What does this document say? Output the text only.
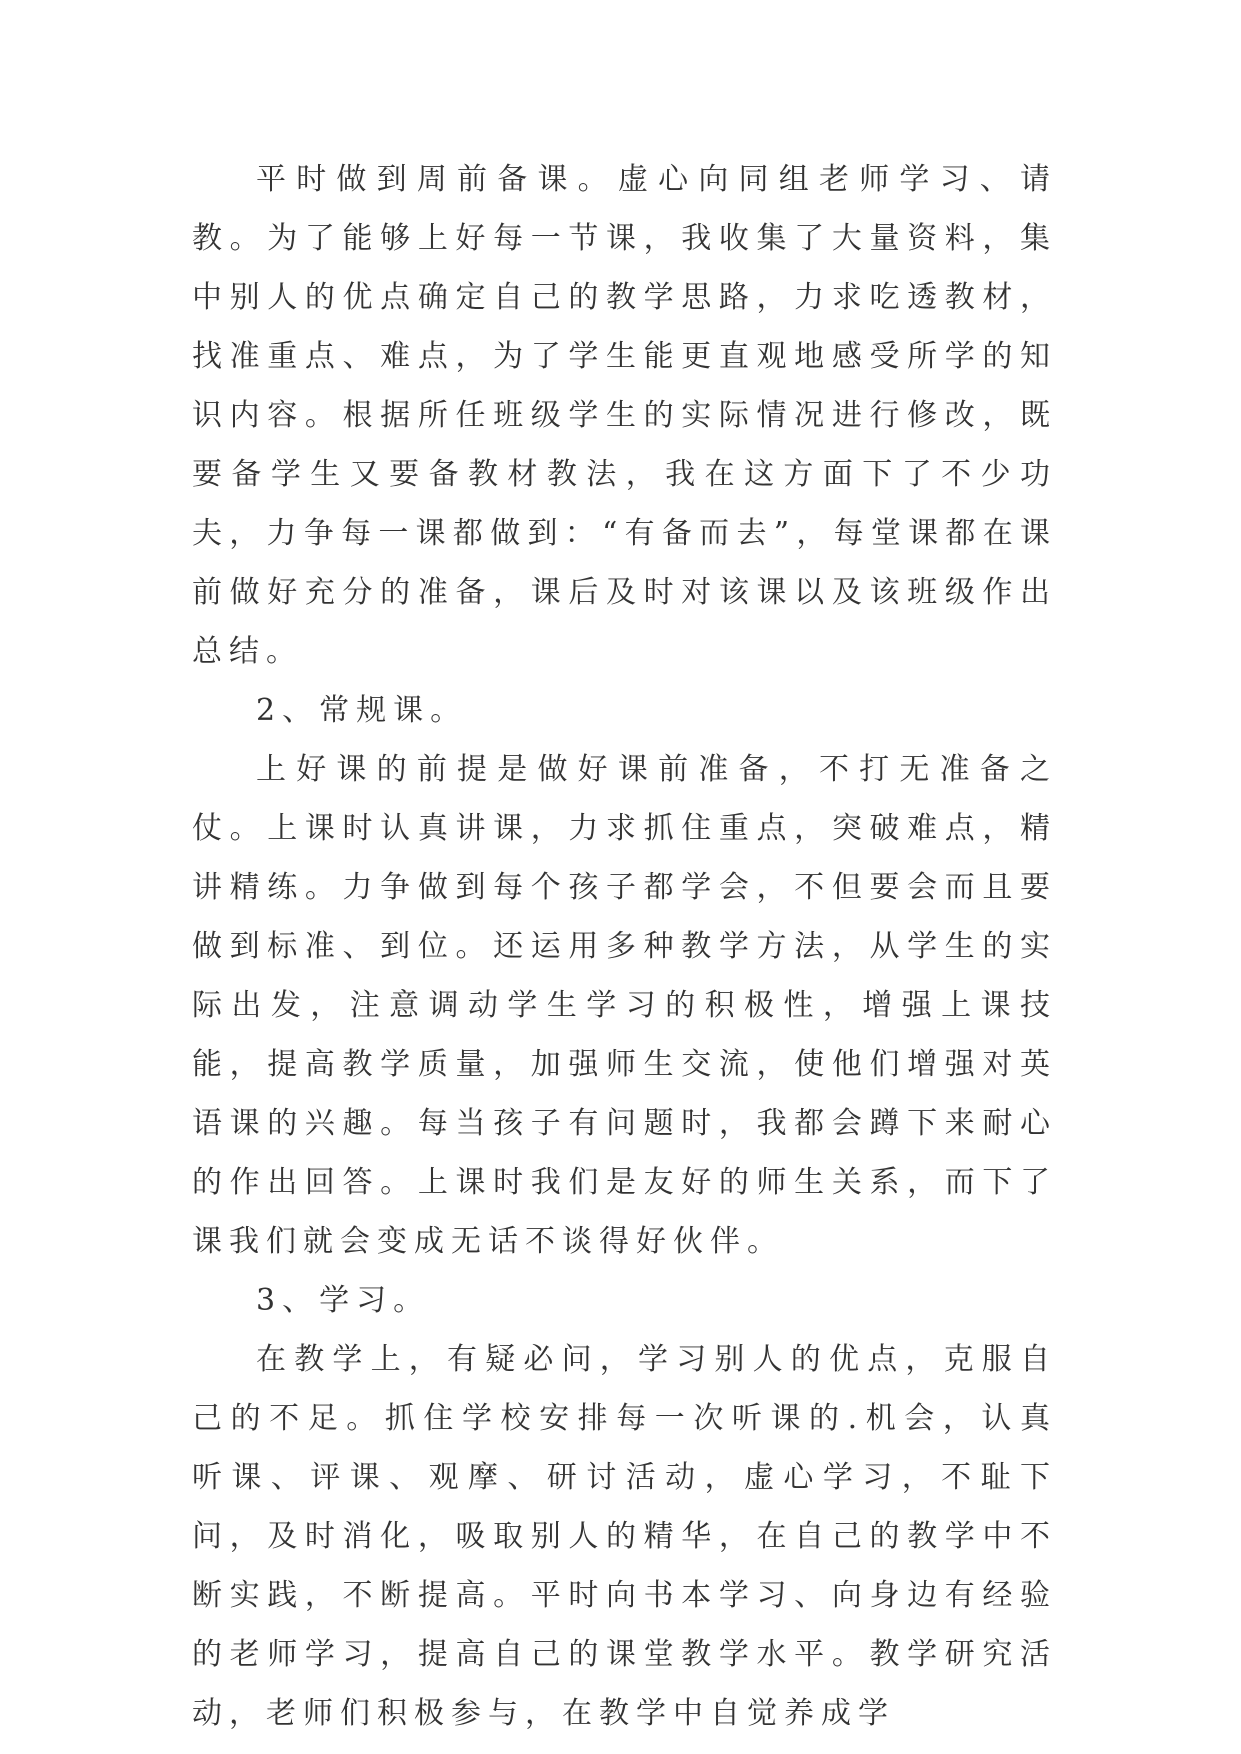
平时做到周前备课。虚心向同组老师学习、请教。为了能够上好每一节课，我收集了大量资料，集中别人的优点确定自己的教学思路，力求吃透教材，找准重点、难点，为了学生能更直观地感受所学的知识内容。根据所任班级学生的实际情况进行修改，既要备学生又要备教材教法，我在这方面下了不少功夫，力争每一课都做到：“有备而去”，每堂课都在课前做好充分的准备，课后及时对该课以及该班级作出总结。

2、常规课。

上好课的前提是做好课前准备，不打无准备之仗。上课时认真讲课，力求抓住重点，突破难点，精讲精练。力争做到每个孩子都学会，不但要会而且要做到标准、到位。还运用多种教学方法，从学生的实际出发，注意调动学生学习的积极性，增强上课技能，提高教学质量，加强师生交流，使他们增强对英语课的兴趣。每当孩子有问题时，我都会蹲下来耐心的作出回答。上课时我们是友好的师生关系，而下了课我们就会变成无话不谈得好伙伴。

3、学习。

在教学上，有疑必问，学习别人的优点，克服自己的不足。抓住学校安排每一次听课的.机会，认真听课、评课、观摩、研讨活动，虚心学习，不耻下问，及时消化，吸取别人的精华，在自己的教学中不断实践，不断提高。平时向书本学习、向身边有经验的老师学习，提高自己的课堂教学水平。教学研究活动，老师们积极参与，在教学中自觉养成学
